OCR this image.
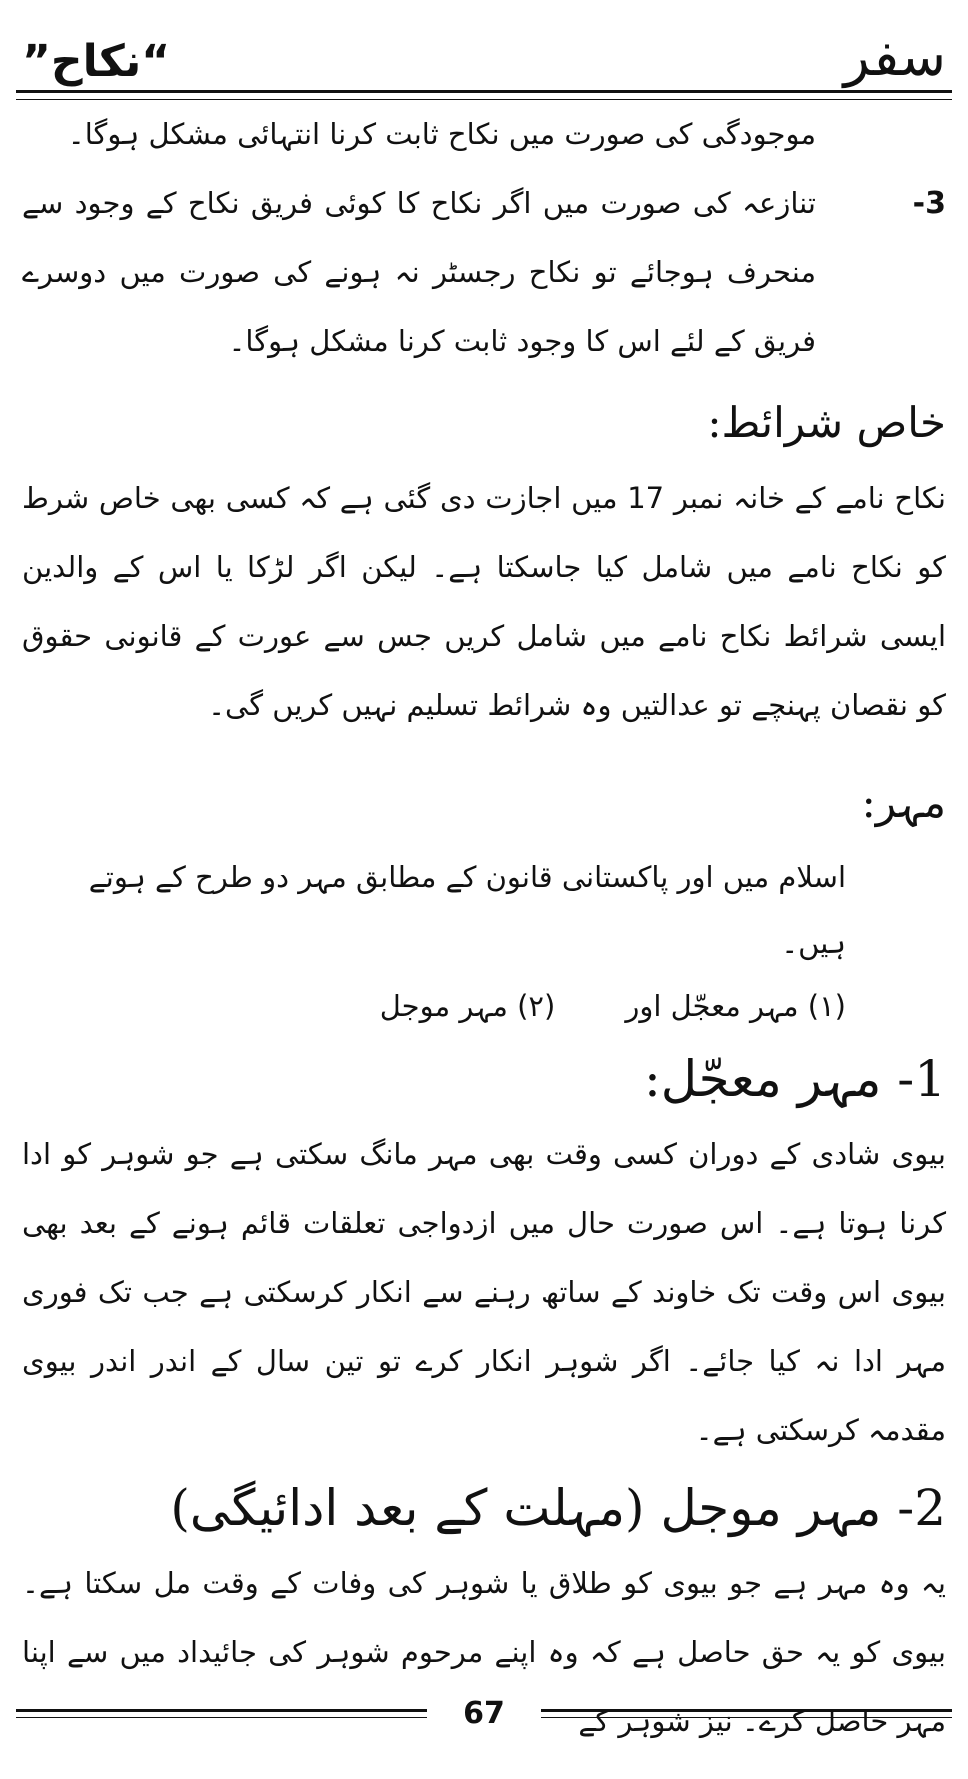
“نکاح”	سفر

موجودگی کی صورت میں نکاح ثابت کرنا انتہائی مشکل ہوگا۔

-3

تنازعہ کی صورت میں اگر نکاح کا کوئی فریق نکاح کے وجود سے منحرف ہوجائے تو نکاح رجسٹر نہ ہونے کی صورت میں دوسرے فریق کے لئے اس کا وجود ثابت کرنا مشکل ہوگا۔

خاص شرائط:

نکاح نامے کے خانہ نمبر 17 میں اجازت دی گئی ہے کہ کسی بھی خاص شرط کو نکاح نامے میں شامل کیا جاسکتا ہے۔ لیکن اگر لڑکا یا اس کے والدین ایسی شرائط نکاح نامے میں شامل کریں جس سے عورت کے قانونی حقوق کو نقصان پہنچے تو عدالتیں وہ شرائط تسلیم نہیں کریں گی۔

مہر:

اسلام میں اور پاکستانی قانون کے مطابق مہر دو طرح کے ہوتے ہیں۔

(۱) مہر معجّل اور
(۲) مہر موجل
1- مہر معجّل:

بیوی شادی کے دوران کسی وقت بھی مہر مانگ سکتی ہے جو شوہر کو ادا کرنا ہوتا ہے۔ اس صورت حال میں ازدواجی تعلقات قائم ہونے کے بعد بھی بیوی اس وقت تک خاوند کے ساتھ رہنے سے انکار کرسکتی ہے جب تک فوری مہر ادا نہ کیا جائے۔ اگر شوہر انکار کرے تو تین سال کے اندر اندر بیوی مقدمہ کرسکتی ہے۔

2- مہر موجل (مہلت کے بعد ادائیگی)

یہ وہ مہر ہے جو بیوی کو طلاق یا شوہر کی وفات کے وقت مل سکتا ہے۔ بیوی کو یہ حق حاصل ہے کہ وہ اپنے مرحوم شوہر کی جائیداد میں سے اپنا مہر حاصل کرے۔ نیز شوہر کے

67
